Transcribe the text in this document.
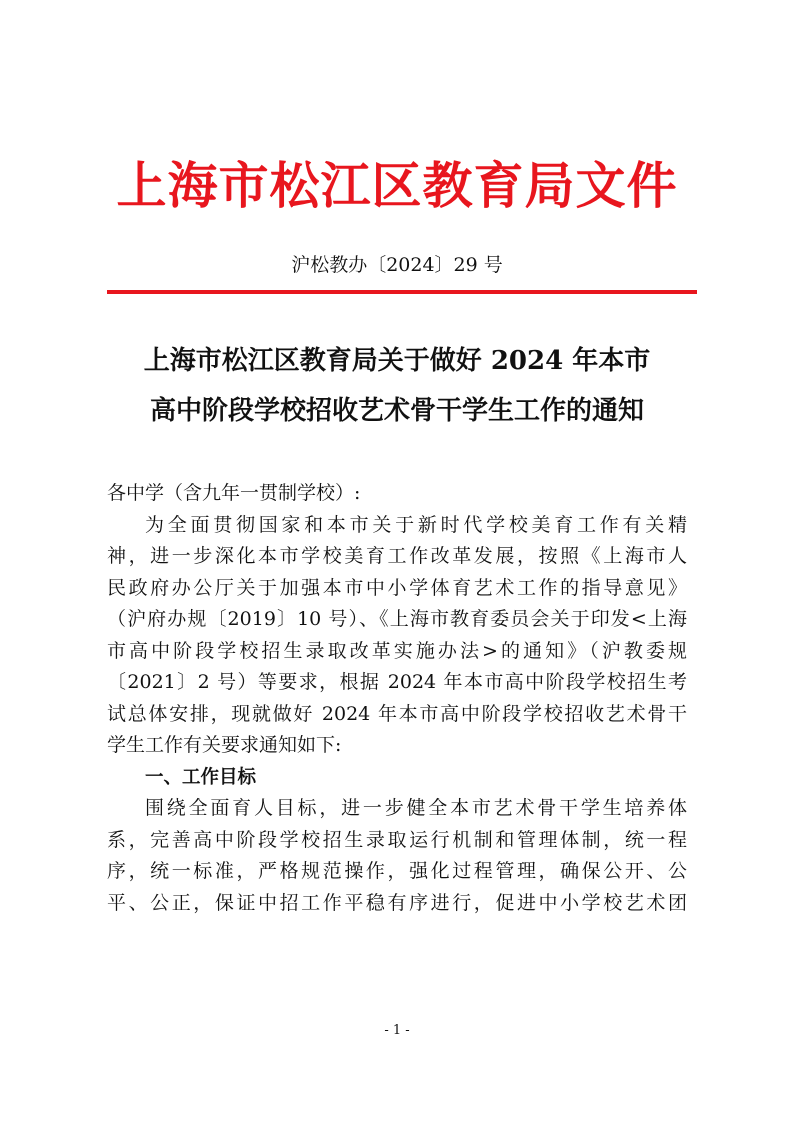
上海市松江区教育局文件
沪松教办〔2024〕29 号
上海市松江区教育局关于做好 2024 年本市
高中阶段学校招收艺术骨干学生工作的通知
各中学（含九年一贯制学校）:
为全面贯彻国家和本市关于新时代学校美育工作有关精
神，进一步深化本市学校美育工作改革发展，按照《上海市人
民政府办公厅关于加强本市中小学体育艺术工作的指导意见》
（沪府办规〔2019〕10 号）、《上海市教育委员会关于印发<上海
市高中阶段学校招生录取改革实施办法>的通知》（沪教委规
〔2021〕2 号）等要求，根据 2024 年本市高中阶段学校招生考
试总体安排，现就做好 2024 年本市高中阶段学校招收艺术骨干
学生工作有关要求通知如下:
一、工作目标
围绕全面育人目标，进一步健全本市艺术骨干学生培养体
系，完善高中阶段学校招生录取运行机制和管理体制，统一程
序，统一标准，严格规范操作，强化过程管理，确保公开、公
平、公正，保证中招工作平稳有序进行，促进中小学校艺术团
- 1 -
